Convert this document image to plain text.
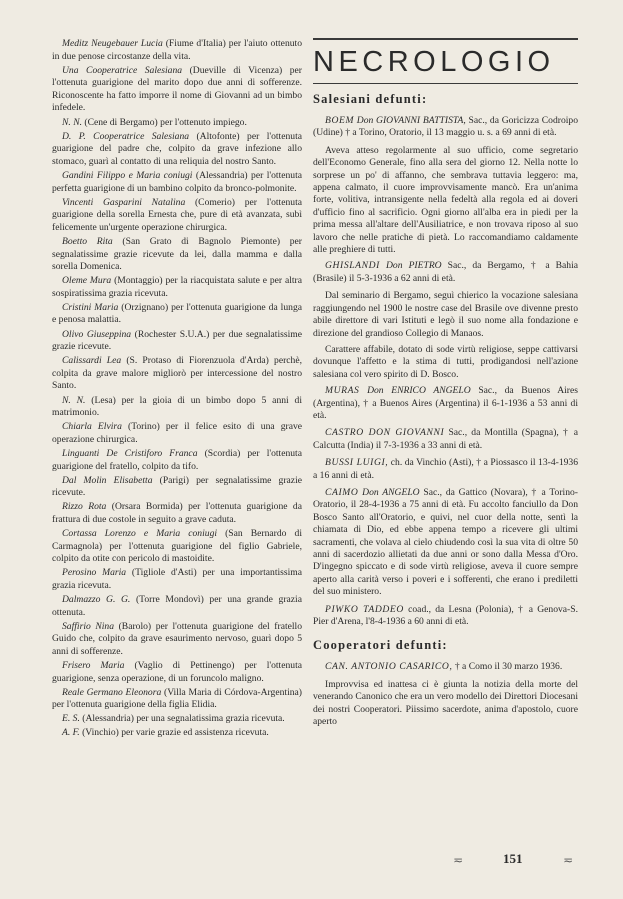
Meditz Neugebauer Lucia (Fiume d'Italia) per l'aiuto ottenuto in due penose circostanze della vita.

Una Cooperatrice Salesiana (Dueville di Vicenza) per l'ottenuta guarigione del marito dopo due anni di sofferenze. Riconoscente ha fatto imporre il nome di Giovanni ad un bimbo infedele.

N. N. (Cene di Bergamo) per l'ottenuto impiego.

D. P. Cooperatrice Salesiana (Altofonte) per l'ottenuta guarigione del padre che, colpito da grave infezione allo stomaco, guarì al contatto di una reliquia del nostro Santo.

Gandini Filippo e Maria coniugi (Alessandria) per l'ottenuta perfetta guarigione di un bambino colpito da bronco-polmonite.

Vincenti Gasparini Natalina (Comerio) per l'ottenuta guarigione della sorella Ernesta che, pure di età avanzata, subì felicemente un'urgente operazione chirurgica.

Boetto Rita (San Grato di Bagnolo Piemonte) per segnalatissime grazie ricevute da lei, dalla mamma e dalla sorella Domenica.

Oleme Mura (Montaggio) per la riacquistata salute e per altra sospiratissima grazia ricevuta.

Cristini Maria (Orzignano) per l'ottenuta guarigione da lunga e penosa malattia.

Olivo Giuseppina (Rochester S.U.A.) per due segnalatissime grazie ricevute.

Calissardi Lea (S. Protaso di Fiorenzuola d'Arda) perchè, colpita da grave malore migliorò per intercessione del nostro Santo.

N. N. (Lesa) per la gioia di un bimbo dopo 5 anni di matrimonio.

Chiarla Elvira (Torino) per il felice esito di una grave operazione chirurgica.

Linguanti De Cristiforo Franca (Scordia) per l'ottenuta guarigione del fratello, colpito da tifo.

Dal Molin Elisabetta (Parigi) per segnalatissime grazie ricevute.

Rizzo Rota (Orsara Bormida) per l'ottenuta guarigione da frattura di due costole in seguito a grave caduta.

Cortassa Lorenzo e Maria coniugi (San Bernardo di Carmagnola) per l'ottenuta guarigione del figlio Gabriele, colpito da otite con pericolo di mastoidite.

Perosino Maria (Tigliole d'Asti) per una importantissima grazia ricevuta.

Dalmazzo G. G. (Torre Mondovì) per una grande grazia ottenuta.

Saffirio Nina (Barolo) per l'ottenuta guarigione del fratello Guido che, colpito da grave esaurimento nervoso, guarì dopo 5 anni di sofferenze.

Frisero Maria (Vaglio di Pettinengo) per l'ottenuta guarigione, senza operazione, di un foruncolo maligno.

Reale Germano Eleonora (Villa Maria di Córdova-Argentina) per l'ottenuta guarigione della figlia Elidia.

E. S. (Alessandria) per una segnalatissima grazia ricevuta.

A. F. (Vinchio) per varie grazie ed assistenza ricevuta.

NECROLOGIO
Salesiani defunti:

BOEM Don GIOVANNI BATTISTA, Sac., da Goricizza Codroipo (Udine) † a Torino, Oratorio, il 13 maggio u. s. a 69 anni di età.

Aveva atteso regolarmente al suo ufficio, come segretario dell'Economo Generale, fino alla sera del giorno 12. Nella notte lo sorprese un po' di affanno, che sembrava tuttavia leggero: ma, appena calmato, il cuore improvvisamente mancò. Era un'anima forte, volitiva, intransigente nella fedeltà alla regola ed ai doveri d'ufficio fino al sacrificio. Ogni giorno all'alba era in piedi per la prima messa all'altare dell'Ausiliatrice, e non trovava riposo al suo lavoro che nelle pratiche di pietà. Lo raccomandiamo caldamente alle preghiere di tutti.

GHISLANDI Don PIETRO Sac., da Bergamo, † a Bahia (Brasile) il 5-3-1936 a 62 anni di età.

Dal seminario di Bergamo, seguì chierico la vocazione salesiana raggiungendo nel 1900 le nostre case del Brasile ove divenne presto abile direttore di vari Istituti e legò il suo nome alla fondazione e direzione del grandioso Collegio di Manaos.

Carattere affabile, dotato di sode virtù religiose, seppe cattivarsi dovunque l'affetto e la stima di tutti, prodigandosi nell'azione salesiana col vero spirito di D. Bosco.

MURAS Don ENRICO ANGELO Sac., da Buenos Aires (Argentina), † a Buenos Aires (Argentina) il 6-1-1936 a 53 anni di età.

CASTRO DON GIOVANNI Sac., da Montilla (Spagna), † a Calcutta (India) il 7-3-1936 a 33 anni di età.

BUSSI LUIGI, ch. da Vinchio (Asti), † a Piossasco il 13-4-1936 a 16 anni di età.

CAIMO Don ANGELO Sac., da Gattico (Novara), † a Torino-Oratorio, il 28-4-1936 a 75 anni di età. Fu accolto fanciullo da Don Bosco Santo all'Oratorio, e quivi, nel cuor della notte, sentì la chiamata di Dio, ed ebbe appena tempo a ricevere gli ultimi sacramenti, che volava al cielo chiudendo così la sua vita di oltre 50 anni di sacerdozio allietati da due anni or sono dalla Messa d'Oro. D'ingegno spiccato e di sode virtù religiose, aveva il cuore sempre aperto alla carità verso i poveri e i sofferenti, che erano i prediletti del suo ministero.

PIWKO TADDEO coad., da Lesna (Polonia), † a Genova-S. Pier d'Arena, l'8-4-1936 a 60 anni di età.

Cooperatori defunti:

CAN. ANTONIO CASARICO, † a Como il 30 marzo 1936.

Improvvisa ed inattesa ci è giunta la notizia della morte del venerando Canonico che era un vero modello dei Direttori Diocesani dei nostri Cooperatori. Piissimo sacerdote, anima d'apostolo, cuore aperto

≂	151	≂
